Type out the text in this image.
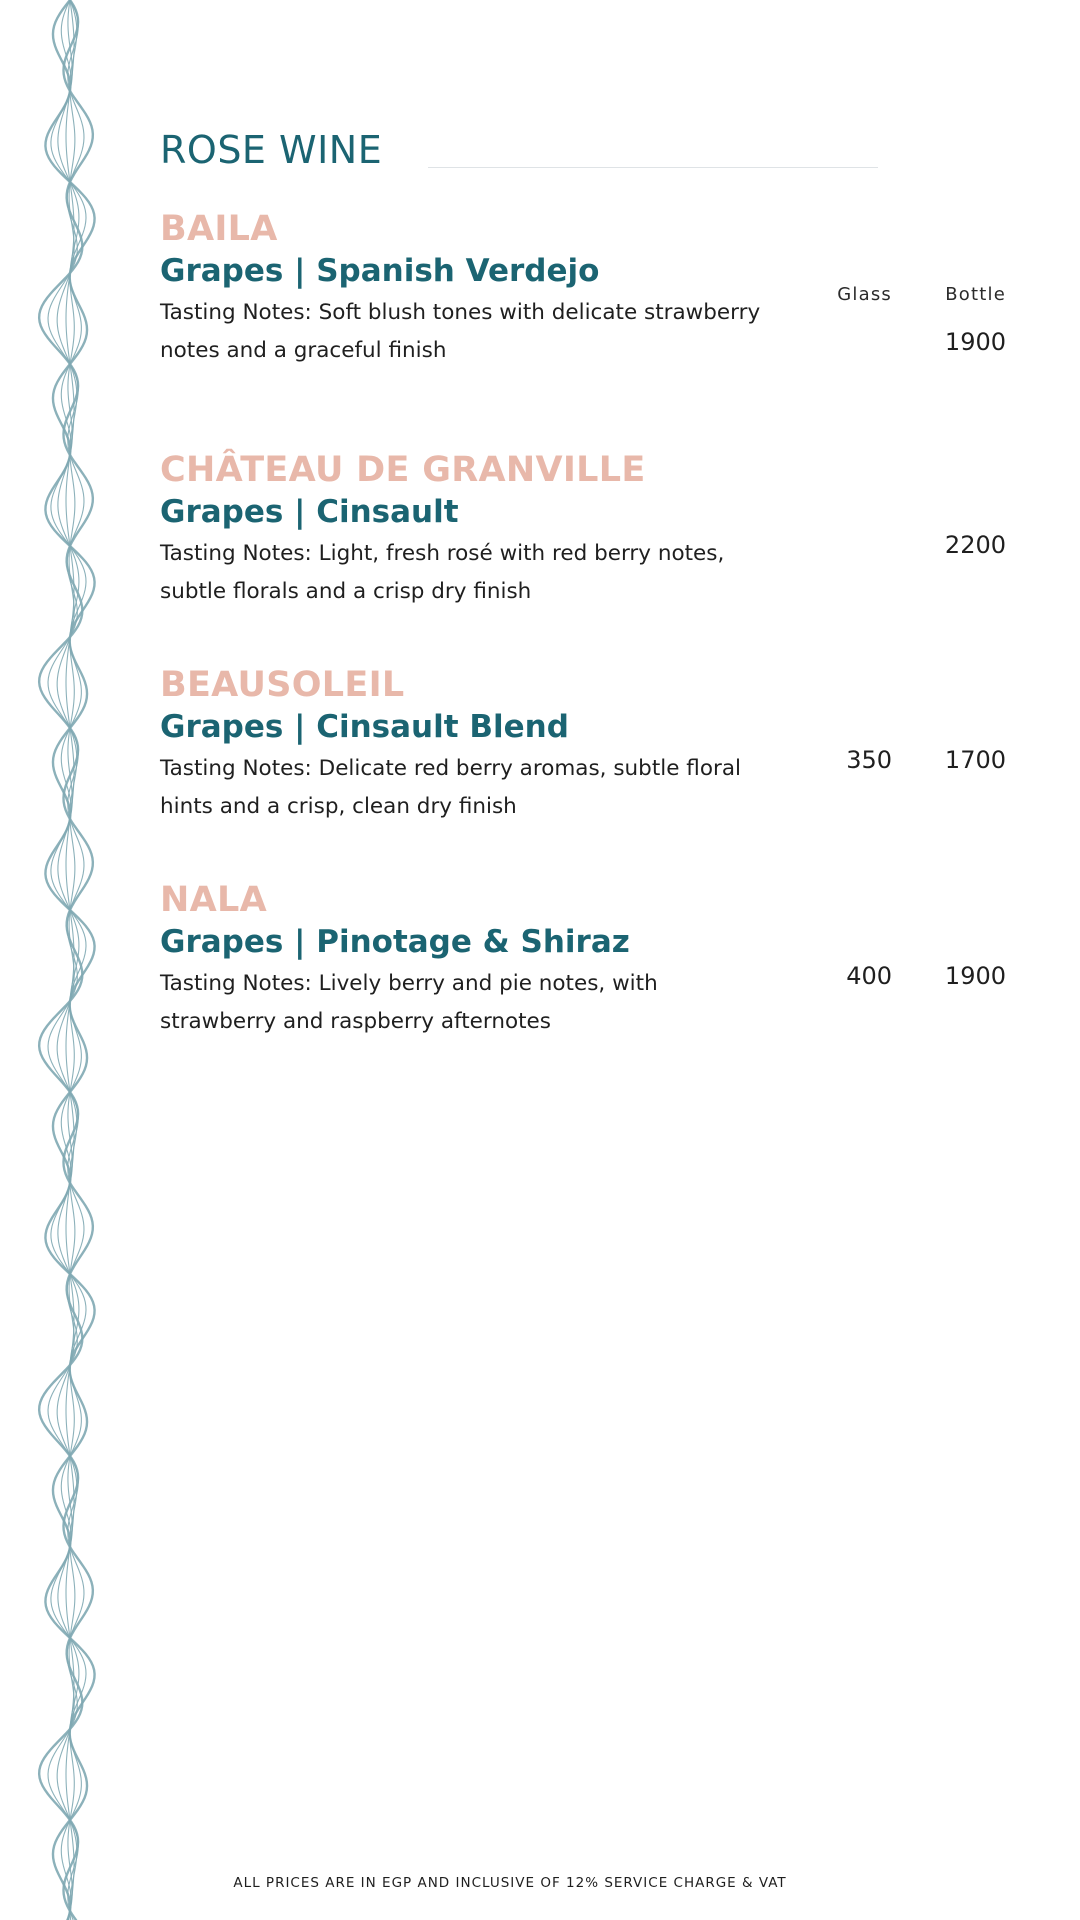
ROSE WINE
Glass	Bottle
BAILA
Grapes | Spanish Verdejo

Tasting Notes: Soft blush tones with delicate strawberry notes and a graceful finish	1900
CHÂTEAU DE GRANVILLE
Grapes | Cinsault

Tasting Notes: Light, fresh rosé with red berry notes, subtle florals and a crisp dry finish

2200
BEAUSOLEIL
Grapes | Cinsault Blend

Tasting Notes: Delicate red berry aromas, subtle floral hints and a crisp, clean dry finish

350 1700
NALA
Grapes | Pinotage & Shiraz

Tasting Notes: Lively berry and pie notes, with strawberry and raspberry afternotes

400 1900
ALL PRICES ARE IN EGP AND INCLUSIVE OF 12% SERVICE CHARGE & VAT
